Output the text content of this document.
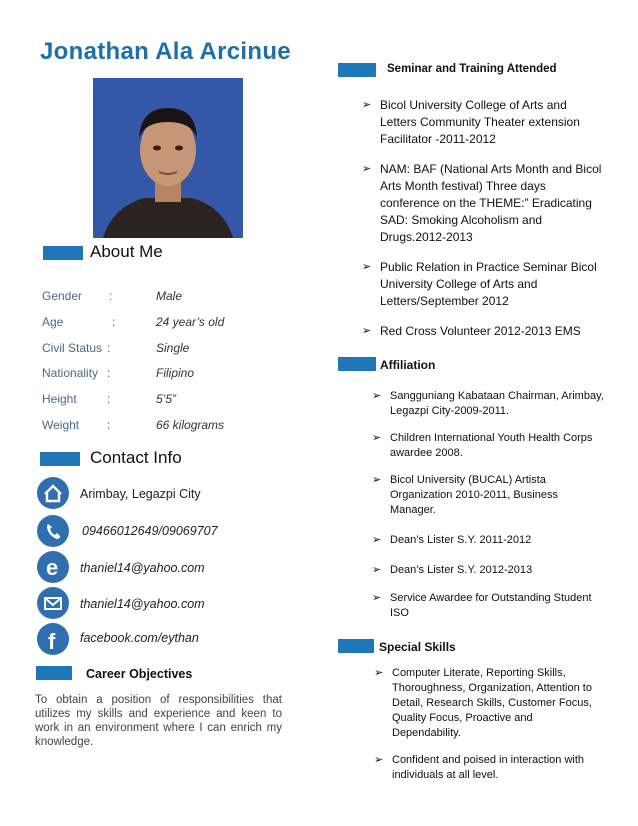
Jonathan Ala Arcinue
About Me
Gender	:	Male
Age	:	24 year’s old
Civil Status :	Single
Nationality :	Filipino
Height	:	5’5”
Weight	:	66 kilograms
Contact Info
Arimbay, Legazpi City
09466012649/09069707
e thaniel14@yahoo.com
thaniel14@yahoo.com
f facebook.com/eythan
Career Objectives
To obtain a position of responsibilities that utilizes my skills and experience and keen to work in an environment where I can enrich my knowledge.
Seminar and Training Attended
➢ Bicol University College of Arts and Letters Community Theater extension Facilitator -2011-2012
➢ NAM: BAF (National Arts Month and Bicol Arts Month festival) Three days conference on the THEME:” Eradicating SAD: Smoking Alcoholism and Drugs.2012-2013
➢ Public Relation in Practice Seminar Bicol University College of Arts and Letters/September 2012
➢ Red Cross Volunteer 2012-2013 EMS
Affiliation
➢ Sangguniang Kabataan Chairman, Arimbay, Legazpi City-2009-2011.
➢ Children International Youth Health Corps awardee 2008.
➢ Bicol University (BUCAL) Artista Organization 2010-2011, Business Manager.
➢ Dean’s Lister S.Y. 2011-2012
➢ Dean’s Lister S.Y. 2012-2013
➢ Service Awardee for Outstanding Student ISO
Special Skills
➢ Computer Literate, Reporting Skills, Thoroughness, Organization, Attention to Detail, Research Skills, Customer Focus, Quality Focus, Proactive and Dependability.
➢ Confident and poised in interaction with individuals at all level.
